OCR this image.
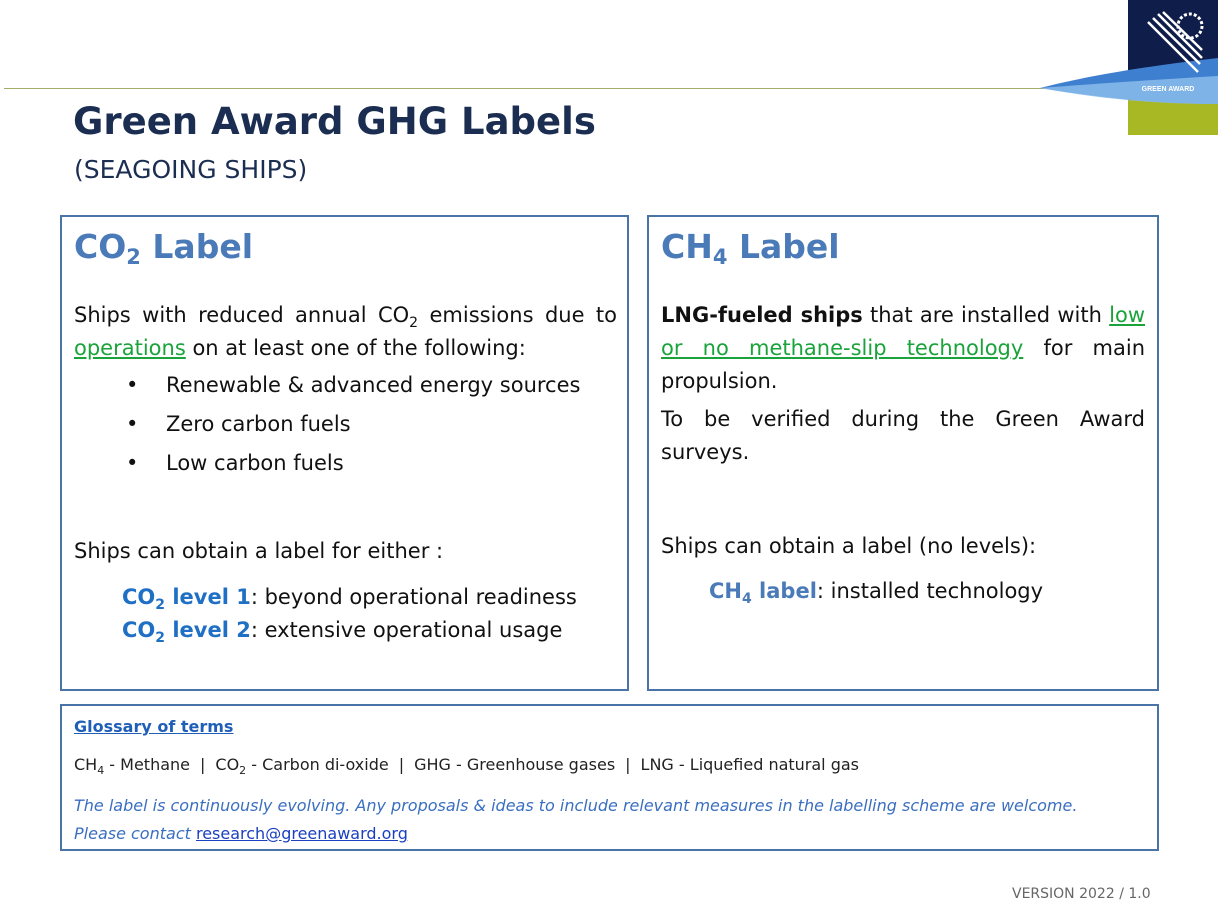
GREEN AWARD
Green Award GHG Labels

(SEAGOING SHIPS)

$CO_2$ Label

Ships with reduced annual $CO_2$ emissions due to operations on at least one of the following:

• Renewable & advanced energy sources
• Zero carbon fuels
• Low carbon fuels

Ships can obtain a label for either :

$CO_2$ level 1: beyond operational readiness

$CO_2$ level 2: extensive operational usage

$CH_4$ Label

LNG-fueled ships that are installed with low or no methane-slip technology for main propulsion.

To be verified during the Green Award surveys.

Ships can obtain a label (no levels):

$CH_4$ label: installed technology

Glossary of terms

$CH_4$ - Methane | $CO_2$ - Carbon di-oxide | GHG - Greenhouse gases | LNG - Liquefied natural gas

The label is continuously evolving. Any proposals & ideas to include relevant measures in the labelling scheme are welcome.
Please contact research@greenaward.org

VERSION 2022 / 1.0
